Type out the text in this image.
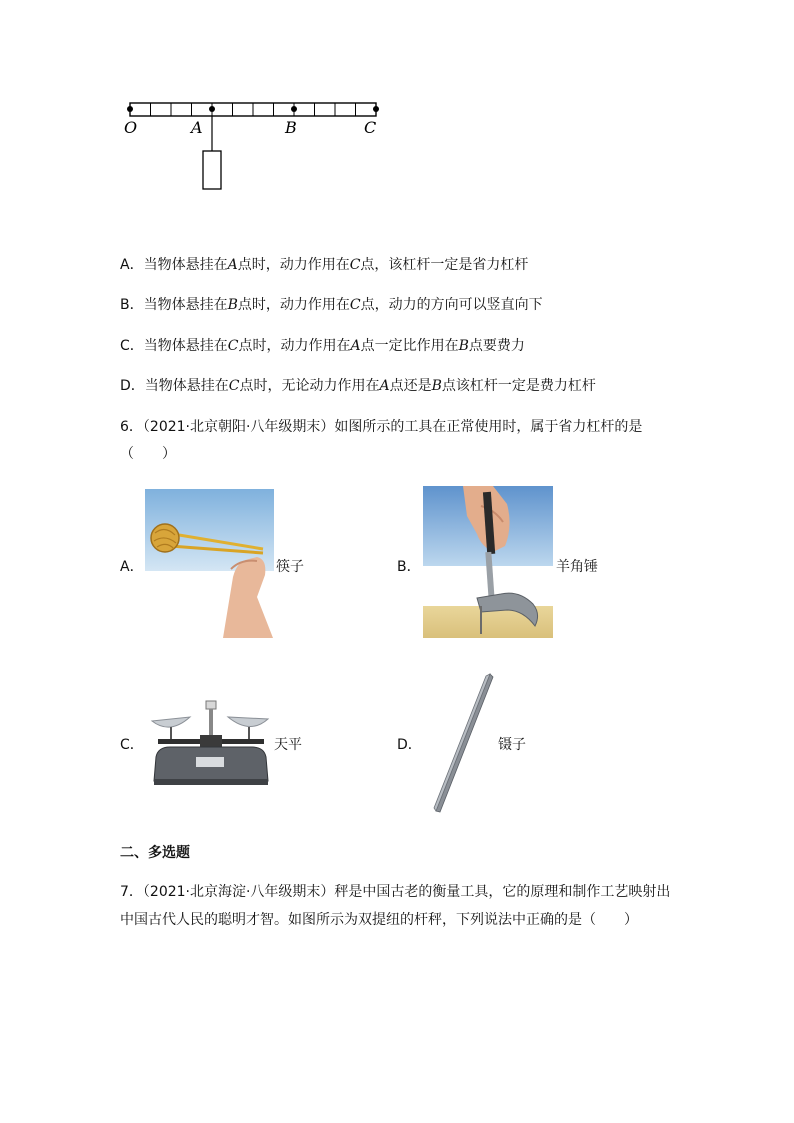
O	A	B	C
A．当物体悬挂在A点时，动力作用在C点，该杠杆一定是省力杠杆
B．当物体悬挂在B点时，动力作用在C点，动力的方向可以竖直向下
C．当物体悬挂在C点时，动力作用在A点一定比作用在B点要费力
D．当物体悬挂在C点时，无论动力作用在A点还是B点该杠杆一定是费力杠杆
6．（2021·北京朝阳·八年级期末）如图所示的工具在正常使用时，属于省力杠杆的是
（　　）
A．	筷子	B．	羊角锤
C．	天平	D．	镊子
二、多选题
7．（2021·北京海淀·八年级期末）秤是中国古老的衡量工具，它的原理和制作工艺映射出
中国古代人民的聪明才智。如图所示为双提纽的杆秤，下列说法中正确的是（　　）
